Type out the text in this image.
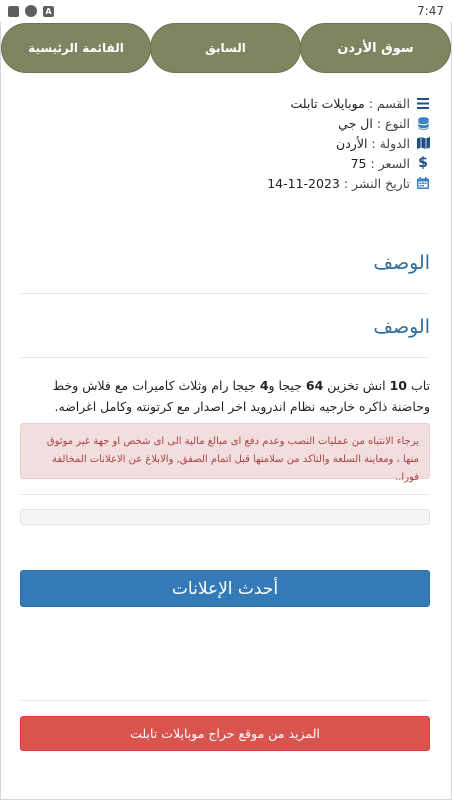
A	7:47
القائمة الرئيسية	السابق	سوق الأردن
القسم :

موبايلات تابلت
النوع :

ال جي
الدولة :

الأردن
$
السعر :

75
تاريخ النشر :

14-11-2023
الوصف
الوصف
تاب 10 انش تخزين 64 جيجا و4 جيجا رام وثلاث كاميرات مع فلاش وخط وحاضنة ذاكره خارجيه نظام اندرويد اخر اصدار مع كرتونته وكامل اغراضه.
يرجاء الانتباه من عمليات النصب وعدم دفع اى مبالغ مالية الى اى شخص او جهة غير موثوق منها ، ومعاينة السلعة والتاكد من سلامتها قبل اتمام الصفق, والابلاغ عن الاعلانات المخالفة فورا..
أحدث الإعلانات
المزيد من موقع حراج موبايلات تابلت
